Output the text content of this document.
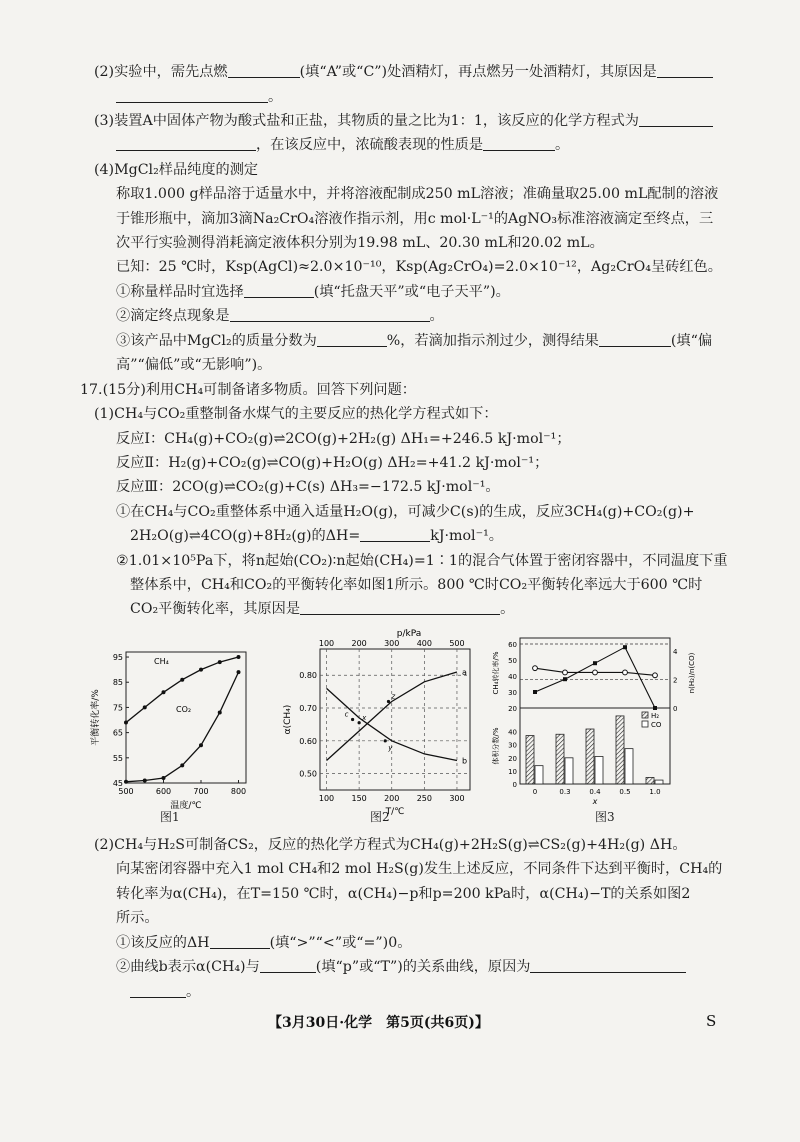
(2)实验中，需先点燃	(填“A”或“C”)处酒精灯，再点燃另一处酒精灯，其原因是
。
(3)装置A中固体产物为酸式盐和正盐，其物质的量之比为1：1，该反应的化学方程式为
，在该反应中，浓硫酸表现的性质是	。
(4)MgCl₂样品纯度的测定
称取1.000 g样品溶于适量水中，并将溶液配制成250 mL溶液；准确量取25.00 mL配制的溶液
于锥形瓶中，滴加3滴Na₂CrO₄溶液作指示剂，用c mol·L⁻¹的AgNO₃标准溶液滴定至终点，三
次平行实验测得消耗滴定液体积分别为19.98 mL、20.30 mL和20.02 mL。
已知：25 ℃时，Ksp(AgCl)≈2.0×10⁻¹⁰，Ksp(Ag₂CrO₄)=2.0×10⁻¹²，Ag₂CrO₄呈砖红色。
①称量样品时宜选择	(填“托盘天平”或“电子天平”)。
②滴定终点现象是	。
③该产品中MgCl₂的质量分数为	%，若滴加指示剂过少，测得结果	(填“偏
高”“偏低”或“无影响”)。
17.(15分)利用CH₄可制备诸多物质。回答下列问题：
(1)CH₄与CO₂重整制备水煤气的主要反应的热化学方程式如下：
反应Ⅰ：CH₄(g)+CO₂(g)⇌2CO(g)+2H₂(g) ΔH₁=+246.5 kJ·mol⁻¹；
反应Ⅱ：H₂(g)+CO₂(g)⇌CO(g)+H₂O(g) ΔH₂=+41.2 kJ·mol⁻¹；
反应Ⅲ：2CO(g)⇌CO₂(g)+C(s) ΔH₃=−172.5 kJ·mol⁻¹。
①在CH₄与CO₂重整体系中通入适量H₂O(g)，可减少C(s)的生成，反应3CH₄(g)+CO₂(g)+
2H₂O(g)⇌4CO(g)+8H₂(g)的ΔH=	kJ·mol⁻¹。
②1.01×10⁵Pa下，将n起始(CO₂)∶n起始(CH₄)=1∶1的混合气体置于密闭容器中，不同温度下重
整体系中，CH₄和CO₂的平衡转化率如图1所示。800 ℃时CO₂平衡转化率远大于600 ℃时
CO₂平衡转化率，其原因是	。
45
55
65
75
85
95
500	600	700	800
温度/℃
平衡转化率/%
CH₄
CO₂
图1
0.50
0.60
0.70
0.80
100 150 200 250 300
100 200 300 400 500
p/kPa
T/℃
α(CH₄)
a
b
c x
y
z
图2
20
30
40
50
60
0
2
4
0
10
20
30
40
0	0.3	0.4	0.5	1.0
x
CH₄转化率/%	n(H₂)/n(CO)
体积分数/%
H₂
CO
图3
(2)CH₄与H₂S可制备CS₂，反应的热化学方程式为CH₄(g)+2H₂S(g)⇌CS₂(g)+4H₂(g) ΔH。
向某密闭容器中充入1 mol CH₄和2 mol H₂S(g)发生上述反应，不同条件下达到平衡时，CH₄的
转化率为α(CH₄)，在T=150 ℃时，α(CH₄)−p和p=200 kPa时，α(CH₄)−T的关系如图2
所示。
①该反应的ΔH	(填“>”“<”或“=”)0。
②曲线b表示α(CH₄)与	(填“p”或“T”)的关系曲线，原因为
。
【3月30日·化学　第5页(共6页)】	S
